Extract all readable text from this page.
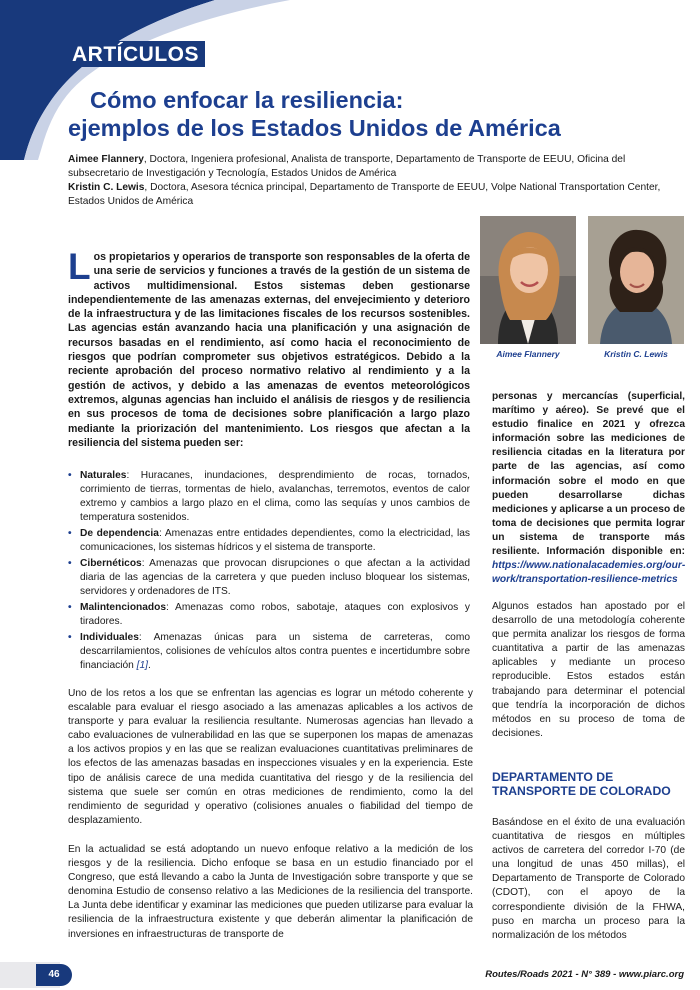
ARTÍCULOS
Cómo enfocar la resiliencia:
ejemplos de los Estados Unidos de América
Aimee Flannery, Doctora, Ingeniera profesional, Analista de transporte, Departamento de Transporte de EEUU, Oficina del subsecretario de Investigación y Tecnología, Estados Unidos de América
Kristin C. Lewis, Doctora, Asesora técnica principal, Departamento de Transporte de EEUU, Volpe National Transportation Center, Estados Unidos de América
Aimee Flannery	Kristin C. Lewis

Los propietarios y operarios de transporte son responsables de la oferta de una serie de servicios y funciones a través de la gestión de un sistema de activos multidimensional. Estos sistemas deben gestionarse independientemente de las amenazas externas, del envejecimiento y deterioro de la infraestructura y de las limitaciones fiscales de los recursos sostenibles. Las agencias están avanzando hacia una planificación y una asignación de recursos basadas en el rendimiento, así como hacia el reconocimiento de riesgos que podrían comprometer sus objetivos estratégicos. Debido a la reciente aprobación del proceso normativo relativo al rendimiento y a la gestión de activos, y debido a las amenazas de eventos meteorológicos extremos, algunas agencias han incluido el análisis de riesgos y de resiliencia en sus procesos de toma de decisiones sobre planificación a largo plazo mediante la priorización del mantenimiento. Los riesgos que afectan a la resiliencia del sistema pueden ser:

• Naturales: Huracanes, inundaciones, desprendimiento de rocas, tornados, corrimiento de tierras, tormentas de hielo, avalanchas, terremotos, eventos de calor extremo y cambios a largo plazo en el clima, como las sequías y unos cambios de temperatura sostenidos.
• De dependencia: Amenazas entre entidades dependientes, como la electricidad, las comunicaciones, los sistemas hídricos y el sistema de transporte.
• Cibernéticos: Amenazas que provocan disrupciones o que afectan a la actividad diaria de las agencias de la carretera y que pueden incluso bloquear los sistemas, servidores y ordenadores de ITS.
• Malintencionados: Amenazas como robos, sabotaje, ataques con explosivos y tiradores.
• Individuales: Amenazas únicas para un sistema de carreteras, como descarrilamientos, colisiones de vehículos altos contra puentes e incertidumbre sobre financiación [1].

Uno de los retos a los que se enfrentan las agencias es lograr un método coherente y escalable para evaluar el riesgo asociado a las amenazas aplicables a los activos de transporte y para evaluar la resiliencia resultante. Numerosas agencias han llevado a cabo evaluaciones de vulnerabilidad en las que se superponen los mapas de amenazas a los activos propios y en las que se realizan evaluaciones cuantitativas preliminares de los efectos de las amenazas basadas en inspecciones visuales y en la experiencia. Este tipo de análisis carece de una medida cuantitativa del riesgo y de la resiliencia del sistema que suele ser común en otras mediciones de rendimiento, como la del rendimiento de seguridad y operativo (colisiones anuales o fiabilidad del tiempo de desplazamiento.

En la actualidad se está adoptando un nuevo enfoque relativo a la medición de los riesgos y de la resiliencia. Dicho enfoque se basa en un estudio financiado por el Congreso, que está llevando a cabo la Junta de Investigación sobre transporte y que se denomina Estudio de consenso relativo a las Mediciones de la resiliencia del transporte. La Junta debe identificar y examinar las mediciones que pueden utilizarse para evaluar la resiliencia de la infraestructura existente y que deberán alimentar la planificación de inversiones en infraestructuras de transporte de

personas y mercancías (superficial, marítimo y aéreo). Se prevé que el estudio finalice en 2021 y ofrezca información sobre las mediciones de resiliencia citadas en la literatura por parte de las agencias, así como información sobre el modo en que pueden desarrollarse dichas mediciones y aplicarse a un proceso de toma de decisiones que permita lograr un sistema de transporte más resiliente. Información disponible en: https://www.nationalacademies.org/our-work/transportation-resilience-metrics

Algunos estados han apostado por el desarrollo de una metodología coherente que permita analizar los riesgos de forma cuantitativa a partir de las amenazas aplicables y mediante un proceso reproducible. Estos estados están trabajando para determinar el potencial que tendría la incorporación de dichos métodos en su proceso de toma de decisiones.

DEPARTAMENTO DE TRANSPORTE DE COLORADO

Basándose en el éxito de una evaluación cuantitativa de riesgos en múltiples activos de carretera del corredor I-70 (de una longitud de unas 450 millas), el Departamento de Transporte de Colorado (CDOT), con el apoyo de la correspondiente división de la FHWA, puso en marcha un proceso para la normalización de los métodos

46	Routes/Roads 2021 - N° 389 - www.piarc.org
